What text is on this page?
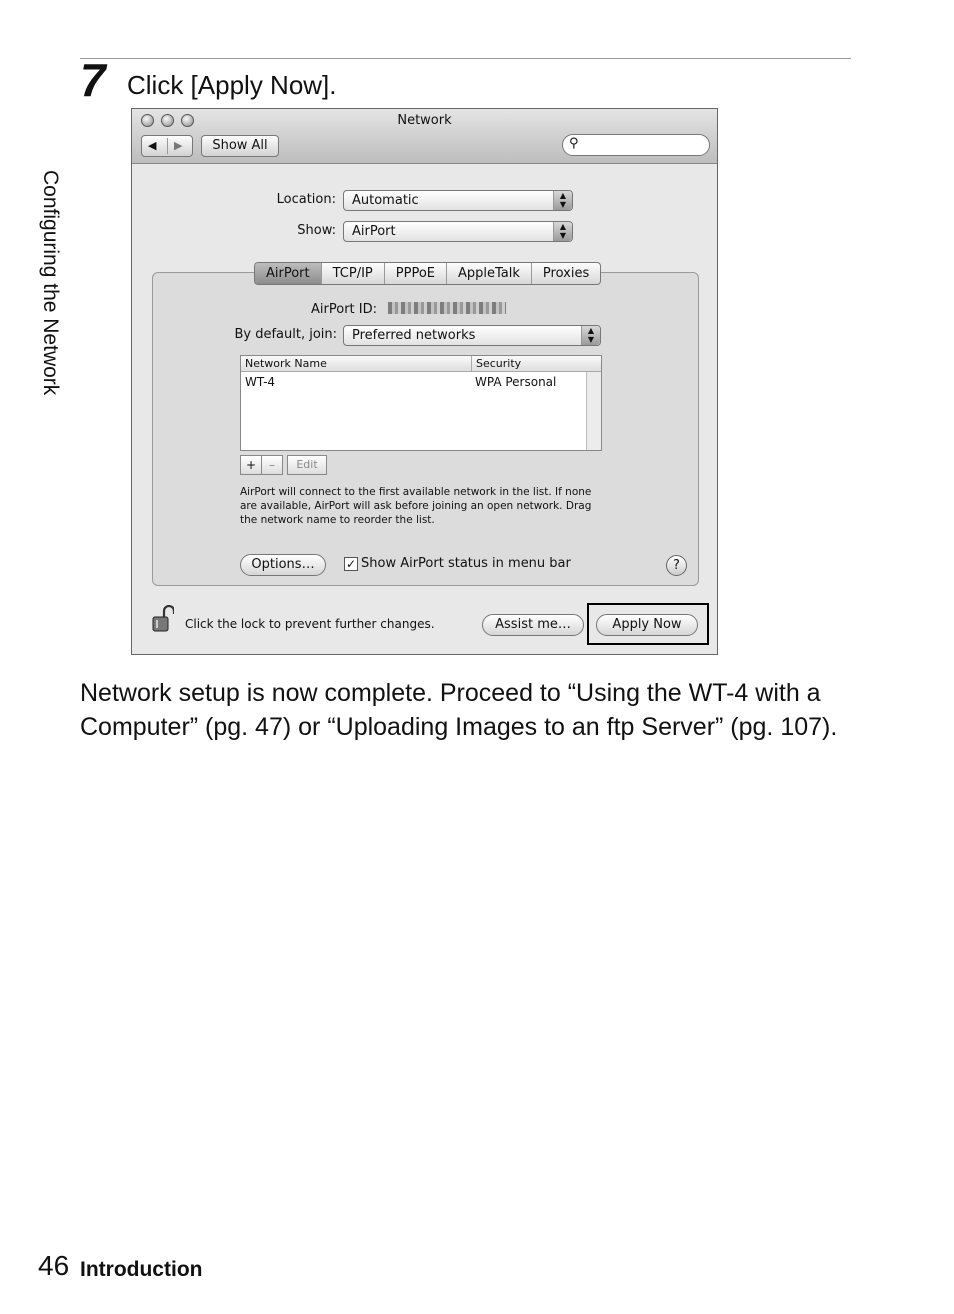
7 Click [Apply Now].
Configuring the Network
Network
◀ ▶	Show All	⚲
Location: Automatic	▲
▼
Show: AirPort	▲
▼
AirPort ID:
By default, join: Preferred networks	▲
▼
AirPort	TCP/IP	PPPoE	AppleTalk	Proxies
Network Name	Security
WT-4	WPA Personal
+	–	Edit
AirPort will connect to the first available network in the list. If none are available, AirPort will ask before joining an open network. Drag the network name to reorder the list.
Options…	✓ Show AirPort status in menu bar	?
Click the lock to prevent further changes.	Assist me…	Apply Now
Network setup is now complete. Proceed to “Using the WT-4 with a Computer” (pg. 47) or “Uploading Images to an ftp Server” (pg. 107).
46 Introduction
